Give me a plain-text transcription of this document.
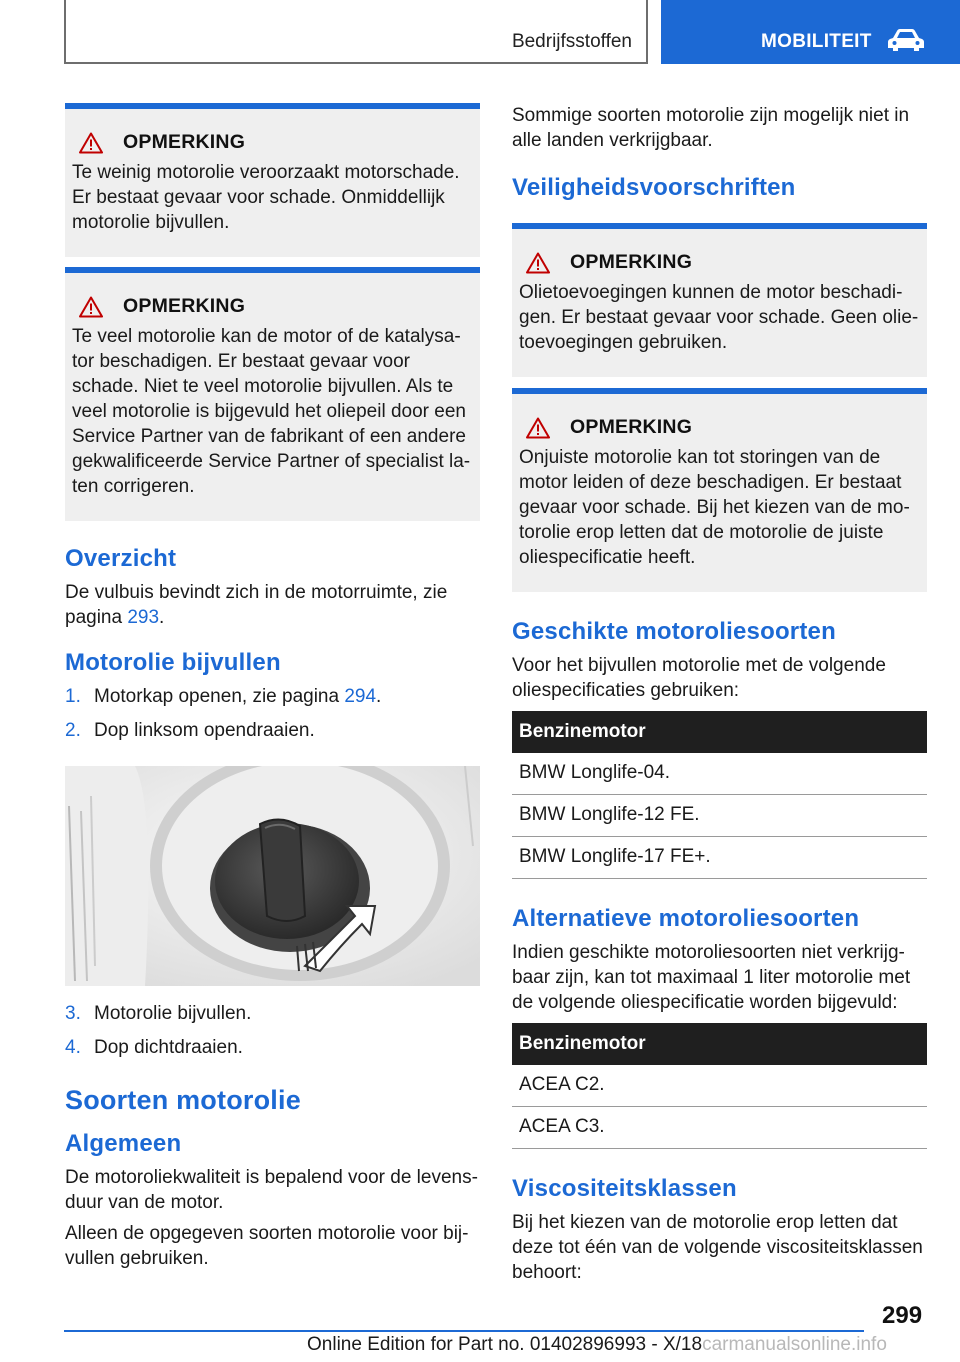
Bedrijfsstoffen	MOBILITEIT
OPMERKING
Te weinig motorolie veroorzaakt motorschade. Er bestaat gevaar voor schade. Onmiddellijk motorolie bijvullen.
OPMERKING
Te veel motorolie kan de motor of de katalysator beschadigen. Er bestaat gevaar voor schade. Niet te veel motorolie bijvullen. Als te veel motorolie is bijgevuld het oliepeil door een Service Partner van de fabrikant of een andere gekwalificeerde Service Partner of specialist laten corrigeren.
Overzicht

De vulbuis bevindt zich in de motorruimte, zie pagina 293.

Motorolie bijvullen
1. Motorkap openen, zie pagina 294.
2. Dop linksom opendraaien.
3. Motorolie bijvullen.
4. Dop dichtdraaien.
Soorten motorolie
Algemeen

De motoroliekwaliteit is bepalend voor de levensduur van de motor.

Alleen de opgegeven soorten motorolie voor bijvullen gebruiken.

Sommige soorten motorolie zijn mogelijk niet in alle landen verkrijgbaar.

Veiligheidsvoorschriften
OPMERKING
Olietoevoegingen kunnen de motor beschadigen. Er bestaat gevaar voor schade. Geen olietoevoegingen gebruiken.
OPMERKING
Onjuiste motorolie kan tot storingen van de motor leiden of deze beschadigen. Er bestaat gevaar voor schade. Bij het kiezen van de motorolie erop letten dat de motorolie de juiste oliespecificatie heeft.
Geschikte motoroliesoorten

Voor het bijvullen motorolie met de volgende oliespecificaties gebruiken:

Benzinemotor
BMW Longlife-04.
BMW Longlife-12 FE.
BMW Longlife-17 FE+.
Alternatieve motoroliesoorten

Indien geschikte motoroliesoorten niet verkrijgbaar zijn, kan tot maximaal 1 liter motorolie met de volgende oliespecificatie worden bijgevuld:

Benzinemotor
ACEA C2.
ACEA C3.
Viscositeitsklassen

Bij het kiezen van de motorolie erop letten dat deze tot één van de volgende viscositeitsklassen behoort:

299
Online Edition for Part no. 01402896993 - X/18carmanualsonline.info
